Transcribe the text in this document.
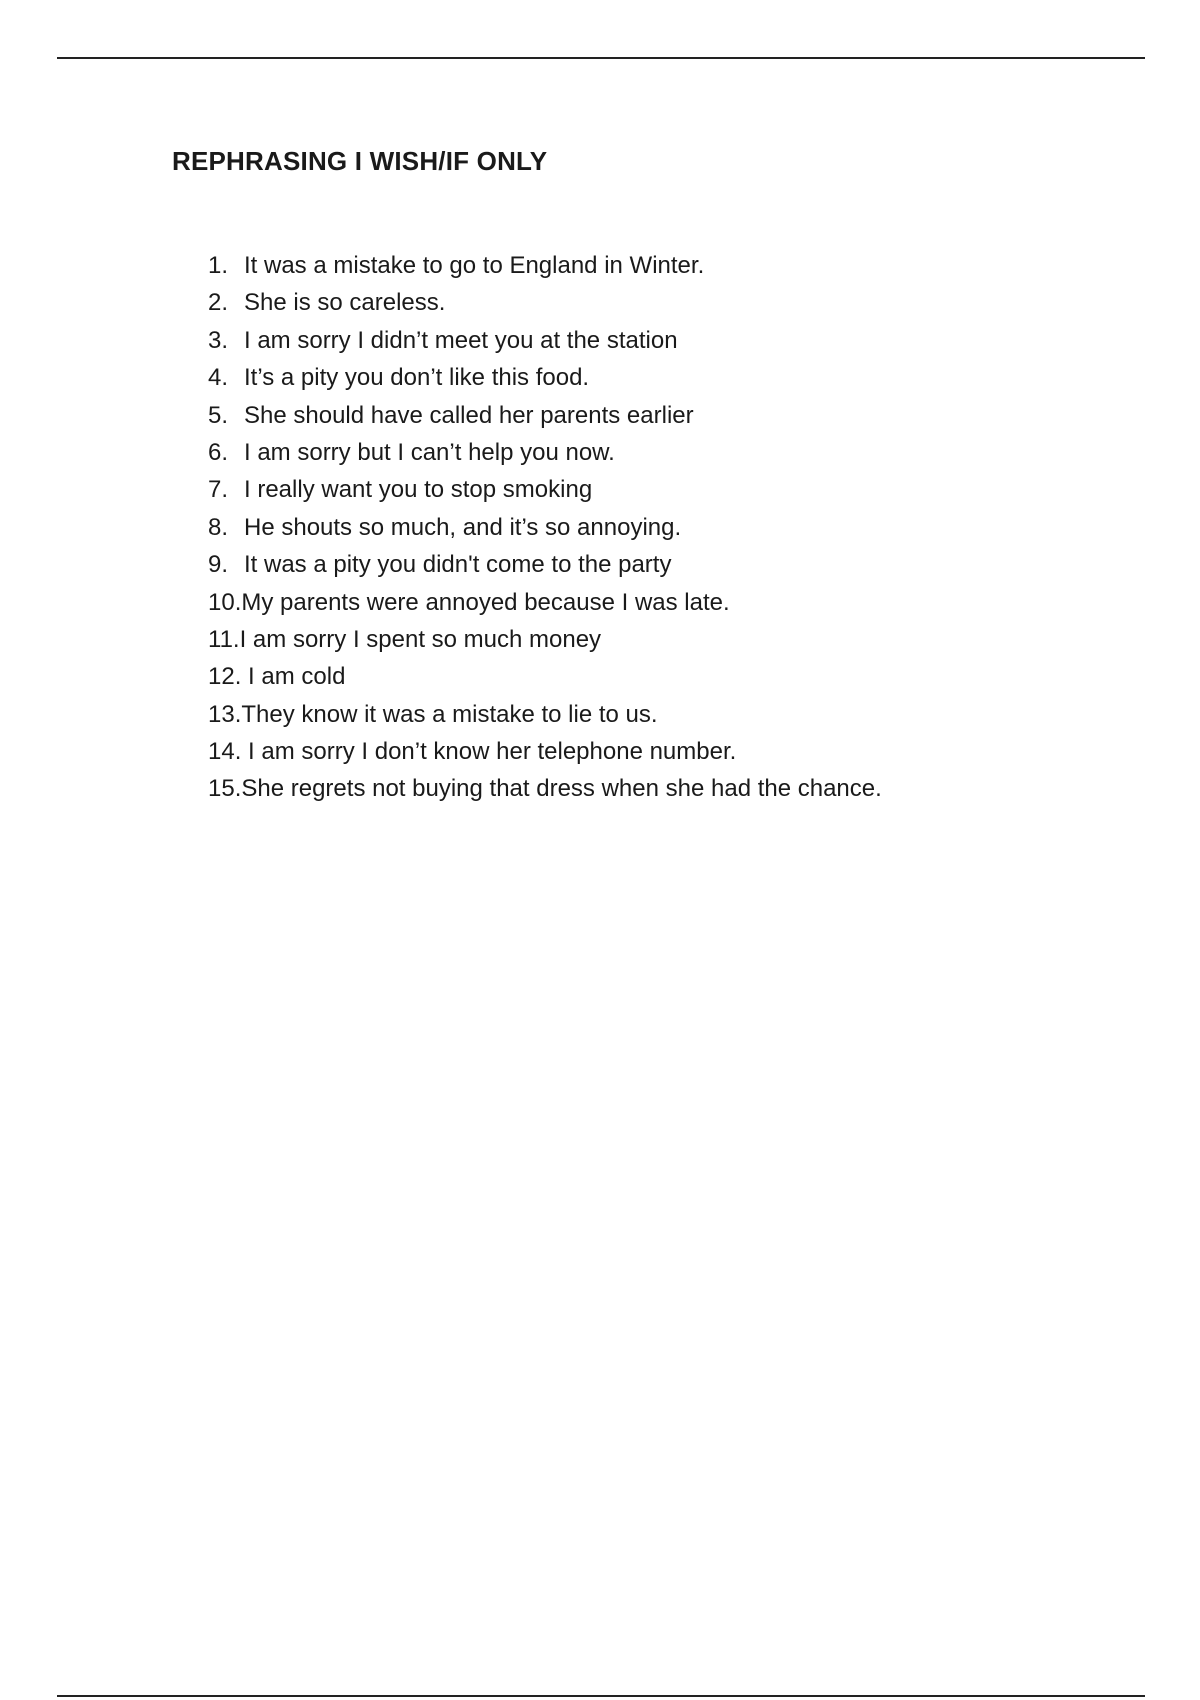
REPHRASING I WISH/IF ONLY
1. It was a mistake to go to England in Winter.
2. She is so careless.
3. I am sorry I didn’t meet you at the station
4. It’s a pity you don’t like this food.
5. She should have called her parents earlier
6. I am sorry but I can’t help you now.
7. I really want you to stop smoking
8. He shouts so much, and it’s so annoying.
9. It was a pity you didn't come to the party
10.My parents were annoyed because I was late.
11.I am sorry I spent so much money
12. I am cold
13.They know it was a mistake to lie to us.
14. I am sorry I don’t know her telephone number.
15.She regrets not buying that dress when she had the chance.
